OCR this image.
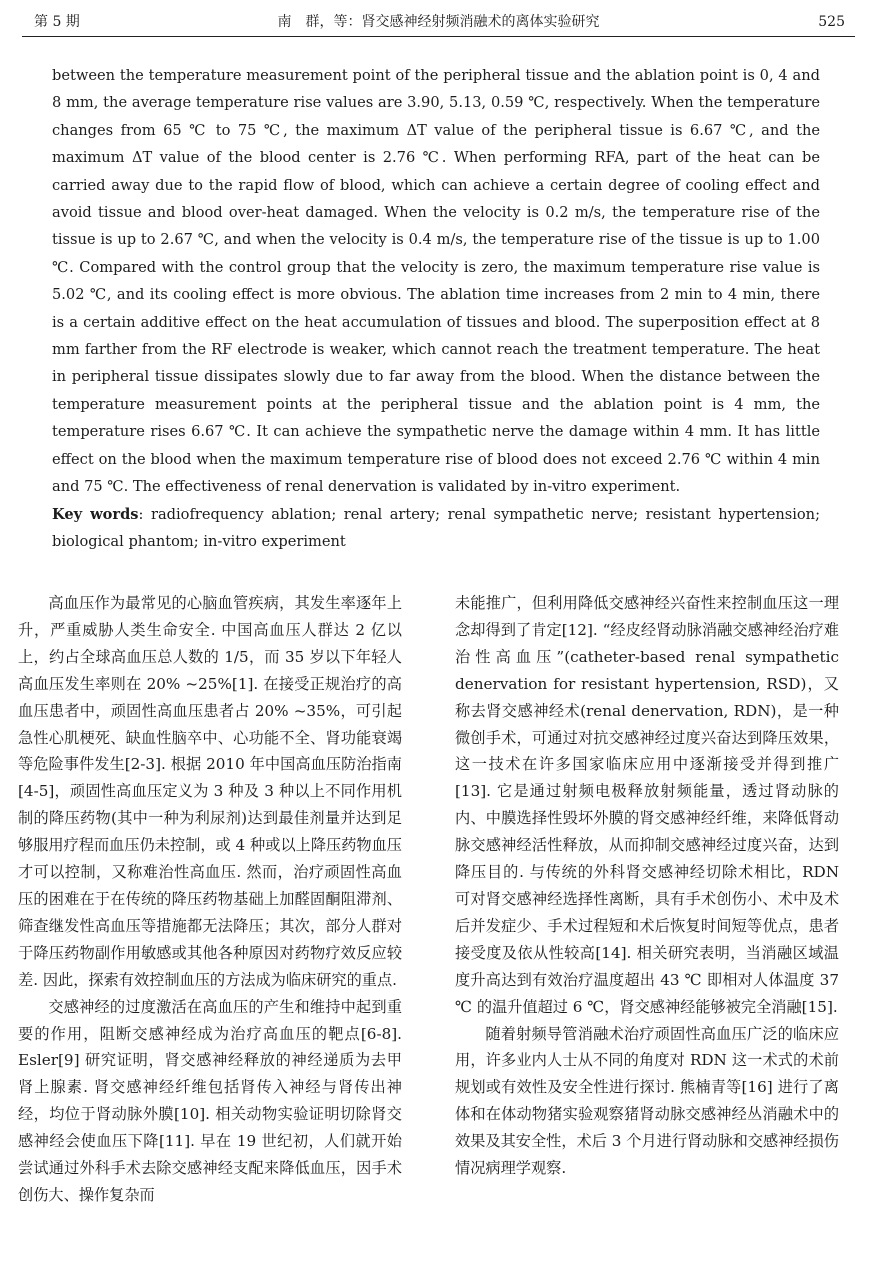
第 5 期	南　群，等：肾交感神经射频消融术的离体实验研究	525

between the temperature measurement point of the peripheral tissue and the ablation point is 0, 4 and 8 mm, the average temperature rise values are 3.90, 5.13, 0.59 ℃, respectively. When the temperature changes from 65 ℃ to 75 ℃, the maximum ΔT value of the peripheral tissue is 6.67 ℃, and the maximum ΔT value of the blood center is 2.76 ℃. When performing RFA, part of the heat can be carried away due to the rapid flow of blood, which can achieve a certain degree of cooling effect and avoid tissue and blood over-heat damaged. When the velocity is 0.2 m/s, the temperature rise of the tissue is up to 2.67 ℃, and when the velocity is 0.4 m/s, the temperature rise of the tissue is up to 1.00 ℃. Compared with the control group that the velocity is zero, the maximum temperature rise value is 5.02 ℃, and its cooling effect is more obvious. The ablation time increases from 2 min to 4 min, there is a certain additive effect on the heat accumulation of tissues and blood. The superposition effect at 8 mm farther from the RF electrode is weaker, which cannot reach the treatment temperature. The heat in peripheral tissue dissipates slowly due to far away from the blood. When the distance between the temperature measurement points at the peripheral tissue and the ablation point is 4 mm, the temperature rises 6.67 ℃. It can achieve the sympathetic nerve the damage within 4 mm. It has little effect on the blood when the maximum temperature rise of blood does not exceed 2.76 ℃ within 4 min and 75 ℃. The effectiveness of renal denervation is validated by in-vitro experiment.

Key words: radiofrequency ablation; renal artery; renal sympathetic nerve; resistant hypertension; biological phantom; in-vitro experiment

高血压作为最常见的心脑血管疾病，其发生率逐年上升，严重威胁人类生命安全. 中国高血压人群达 2 亿以上，约占全球高血压总人数的 1/5，而 35 岁以下年轻人高血压发生率则在 20% ~25%[1]. 在接受正规治疗的高血压患者中，顽固性高血压患者占 20% ~35%，可引起急性心肌梗死、缺血性脑卒中、心功能不全、肾功能衰竭等危险事件发生[2-3]. 根据 2010 年中国高血压防治指南[4-5]，顽固性高血压定义为 3 种及 3 种以上不同作用机制的降压药物(其中一种为利尿剂)达到最佳剂量并达到足够服用疗程而血压仍未控制，或 4 种或以上降压药物血压才可以控制，又称难治性高血压. 然而，治疗顽固性高血压的困难在于在传统的降压药物基础上加醛固酮阻滞剂、筛查继发性高血压等措施都无法降压；其次，部分人群对于降压药物副作用敏感或其他各种原因对药物疗效反应较差. 因此，探索有效控制血压的方法成为临床研究的重点.

交感神经的过度激活在高血压的产生和维持中起到重要的作用，阻断交感神经成为治疗高血压的靶点[6-8]. Esler[9] 研究证明，肾交感神经释放的神经递质为去甲肾上腺素. 肾交感神经纤维包括肾传入神经与肾传出神经，均位于肾动脉外膜[10]. 相关动物实验证明切除肾交感神经会使血压下降[11]. 早在 19 世纪初，人们就开始尝试通过外科手术去除交感神经支配来降低血压，因手术创伤大、操作复杂而

未能推广，但利用降低交感神经兴奋性来控制血压这一理念却得到了肯定[12]. “经皮经肾动脉消融交感神经治疗难治性高血压”(catheter-based renal sympathetic denervation for resistant hypertension, RSD)，又称去肾交感神经术(renal denervation, RDN)，是一种微创手术，可通过对抗交感神经过度兴奋达到降压效果，这一技术在许多国家临床应用中逐渐接受并得到推广[13]. 它是通过射频电极释放射频能量，透过肾动脉的内、中膜选择性毁坏外膜的肾交感神经纤维，来降低肾动脉交感神经活性释放，从而抑制交感神经过度兴奋，达到降压目的. 与传统的外科肾交感神经切除术相比，RDN 可对肾交感神经选择性离断，具有手术创伤小、术中及术后并发症少、手术过程短和术后恢复时间短等优点，患者接受度及依从性较高[14]. 相关研究表明，当消融区域温度升高达到有效治疗温度超出 43 ℃ 即相对人体温度 37 ℃ 的温升值超过 6 ℃，肾交感神经能够被完全消融[15].

随着射频导管消融术治疗顽固性高血压广泛的临床应用，许多业内人士从不同的角度对 RDN 这一术式的术前规划或有效性及安全性进行探讨. 熊楠青等[16] 进行了离体和在体动物猪实验观察猪肾动脉交感神经丛消融术中的效果及其安全性，术后 3 个月进行肾动脉和交感神经损伤情况病理学观察.
